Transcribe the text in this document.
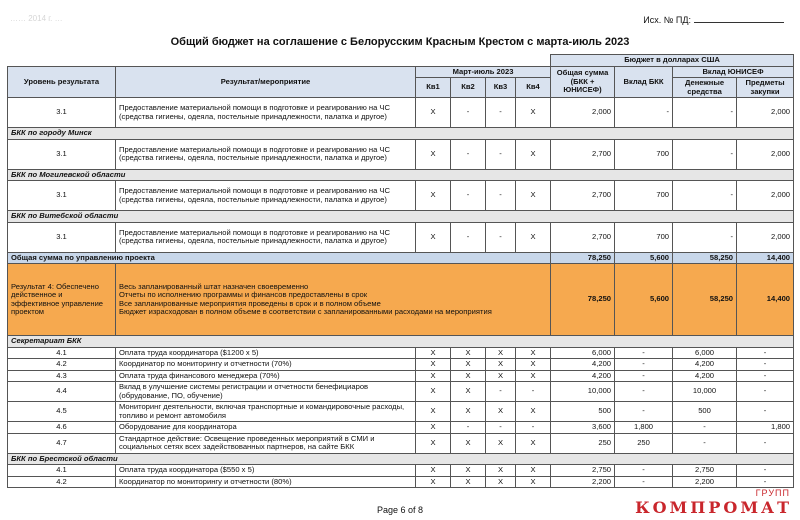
…… 2014 г. …	Исх. № ПД:
Общий бюджет на соглашение с Белорусским Красным Крестом с марта-июль 2023
						Бюджет в долларах США			
Уровень результата	Результат/мероприятие	Март-июль 2023				Общая сумма (БКК + ЮНИСЕФ)	Вклад БКК	Вклад ЮНИСЕФ	
		Кв1	Кв2	Кв3	Кв4			Денежные средства	Предметы закупки
3.1	Предоставление материальной помощи в подготовке и реагированию на ЧС (средства гигиены, одеяла, постельные принадлежности, палатка и другое)	X	-	-	X	2,000	-	-	2,000
БКК по городу Минск									
3.1	Предоставление материальной помощи в подготовке и реагированию на ЧС (средства гигиены, одеяла, постельные принадлежности, палатка и другое)	X	-	-	X	2,700	700	-	2,000
БКК по Могилевской области									
3.1	Предоставление материальной помощи в подготовке и реагированию на ЧС (средства гигиены, одеяла, постельные принадлежности, палатка и другое)	X	-	-	X	2,700	700	-	2,000
БКК по Витебской области									
3.1	Предоставление материальной помощи в подготовке и реагированию на ЧС (средства гигиены, одеяла, постельные принадлежности, палатка и другое)	X	-	-	X	2,700	700	-	2,000
Общая сумма по управлению проекта						78,250	5,600	58,250	14,400
Результат 4: Обеспечено действенное и эффективное управление проектом	Весь запланированный штат назначен своевременно
Отчеты по исполнению программы и финансов предоставлены в срок
Все запланированные мероприятия проведены в срок и в полном объеме
Бюджет израсходован в полном объеме в соответствии с запланированными расходами на мероприятия					78,250	5,600	58,250	14,400
Секретариат БКК									
4.1	Оплата труда координатора ($1200 x 5)	X	X	X	X	6,000	-	6,000	-
4.2	Координатор по мониторингу и отчетности (70%)	X	X	X	X	4,200	-	4,200	-
4.3	Оплата труда финансового менеджера (70%)	X	X	X	X	4,200	-	4,200	-
4.4	Вклад в улучшение системы регистрации и отчетности бенефициаров (обрудование, ПО, обучение)	X	X	-	-	10,000	-	10,000	-
4.5	Мониторинг деятельности, включая транспортные и командировочные расходы, топливо и ремонт автомобиля	X	X	X	X	500	-	500	-
4.6	Оборудование для координатора	X	-	-	-	3,600	1,800	-	1,800
4.7	Стандартное действие: Освещение проведенных мероприятий в СМИ и социальных сетях всех задействованных партнеров, на сайте БКК	X	X	X	X	250	250	-	-
БКК по Брестской области									
4.1	Оплата труда координатора ($550 x 5)	X	X	X	X	2,750	-	2,750	-
4.2	Координатор по мониторингу и отчетности (80%)	X	X	X	X	2,200	-	2,200	-
ГРУПП
КОМПРОМАТ
Page 6 of 8
